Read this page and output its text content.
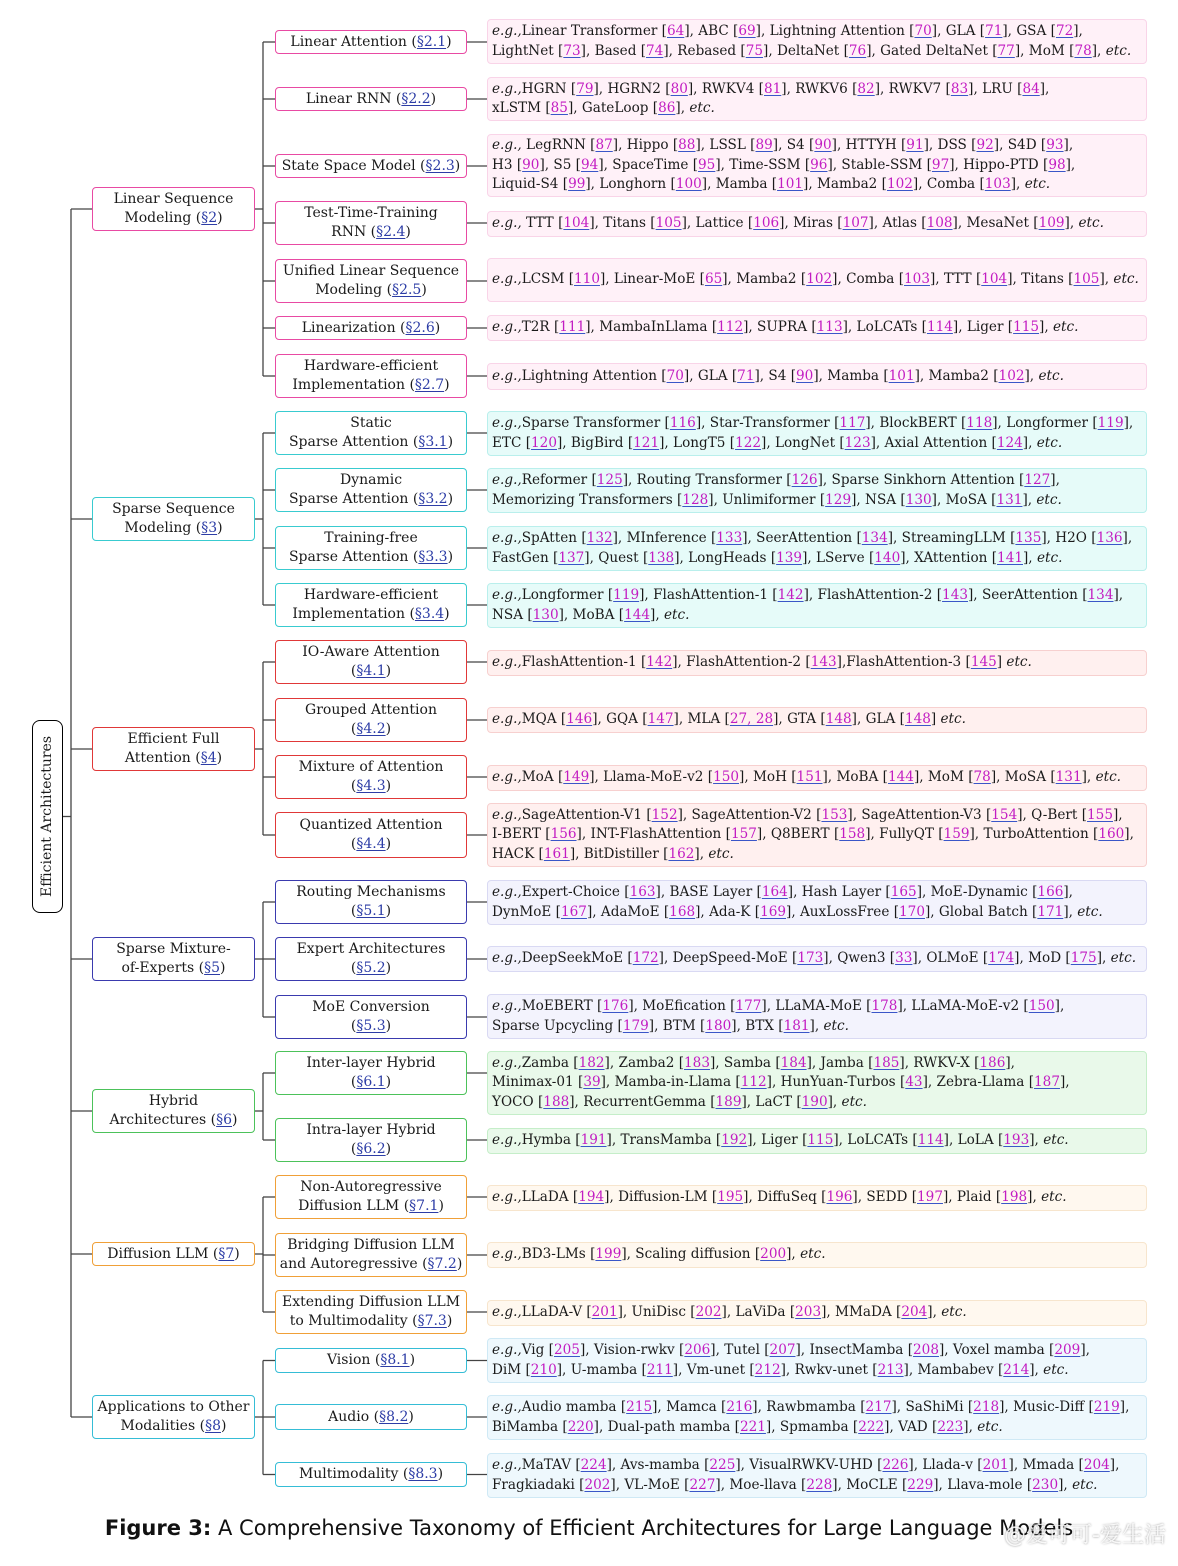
Efficient Architectures
Linear Sequence
Modeling (§2)
Linear Attention (§2.1)
e.g.,Linear Transformer [64], ABC [69], Lightning Attention [70], GLA [71], GSA [72],
LightNet [73], Based [74], Rebased [75], DeltaNet [76], Gated DeltaNet [77], MoM [78], etc.
Linear RNN (§2.2)
e.g.,HGRN [79], HGRN2 [80], RWKV4 [81], RWKV6 [82], RWKV7 [83], LRU [84],
xLSTM [85], GateLoop [86], etc.
State Space Model (§2.3)
e.g., LegRNN [87], Hippo [88], LSSL [89], S4 [90], HTTYH [91], DSS [92], S4D [93],
H3 [90], S5 [94], SpaceTime [95], Time-SSM [96], Stable-SSM [97], Hippo-PTD [98],
Liquid-S4 [99], Longhorn [100], Mamba [101], Mamba2 [102], Comba [103], etc.
Test-Time-Training
RNN (§2.4)
e.g., TTT [104], Titans [105], Lattice [106], Miras [107], Atlas [108], MesaNet [109], etc.
Unified Linear Sequence
Modeling (§2.5)
e.g.,LCSM [110], Linear-MoE [65], Mamba2 [102], Comba [103], TTT [104], Titans [105], etc.
Linearization (§2.6)	e.g.,T2R [111], MambaInLlama [112], SUPRA [113], LoLCATs [114], Liger [115], etc.
Hardware-efficient
Implementation (§2.7)
e.g.,Lightning Attention [70], GLA [71], S4 [90], Mamba [101], Mamba2 [102], etc.
Sparse Sequence
Modeling (§3)
Static
Sparse Attention (§3.1)
e.g.,Sparse Transformer [116], Star-Transformer [117], BlockBERT [118], Longformer [119],
ETC [120], BigBird [121], LongT5 [122], LongNet [123], Axial Attention [124], etc.
Dynamic
Sparse Attention (§3.2)
e.g.,Reformer [125], Routing Transformer [126], Sparse Sinkhorn Attention [127],
Memorizing Transformers [128], Unlimiformer [129], NSA [130], MoSA [131], etc.
Training-free
Sparse Attention (§3.3)
e.g.,SpAtten [132], MInference [133], SeerAttention [134], StreamingLLM [135], H2O [136],
FastGen [137], Quest [138], LongHeads [139], LServe [140], XAttention [141], etc.
Hardware-efficient
Implementation (§3.4)
e.g.,Longformer [119], FlashAttention-1 [142], FlashAttention-2 [143], SeerAttention [134],
NSA [130], MoBA [144], etc.
Efficient Full
Attention (§4)
IO-Aware Attention
(§4.1)
e.g.,FlashAttention-1 [142], FlashAttention-2 [143],FlashAttention-3 [145] etc.
Grouped Attention
(§4.2)
e.g.,MQA [146], GQA [147], MLA [27, 28], GTA [148], GLA [148] etc.
Mixture of Attention
(§4.3)
e.g.,MoA [149], Llama-MoE-v2 [150], MoH [151], MoBA [144], MoM [78], MoSA [131], etc.
Quantized Attention
(§4.4)
e.g.,SageAttention-V1 [152], SageAttention-V2 [153], SageAttention-V3 [154], Q-Bert [155],
I-BERT [156], INT-FlashAttention [157], Q8BERT [158], FullyQT [159], TurboAttention [160],
HACK [161], BitDistiller [162], etc.
Sparse Mixture-
of-Experts (§5)
Routing Mechanisms
(§5.1)
e.g.,Expert-Choice [163], BASE Layer [164], Hash Layer [165], MoE-Dynamic [166],
DynMoE [167], AdaMoE [168], Ada-K [169], AuxLossFree [170], Global Batch [171], etc.
Expert Architectures
(§5.2)
e.g.,DeepSeekMoE [172], DeepSpeed-MoE [173], Qwen3 [33], OLMoE [174], MoD [175], etc.
MoE Conversion
(§5.3)
e.g.,MoEBERT [176], MoEfication [177], LLaMA-MoE [178], LLaMA-MoE-v2 [150],
Sparse Upcycling [179], BTM [180], BTX [181], etc.
Hybrid
Architectures (§6)
Inter-layer Hybrid
(§6.1)
e.g.,Zamba [182], Zamba2 [183], Samba [184], Jamba [185], RWKV-X [186],
Minimax-01 [39], Mamba-in-Llama [112], HunYuan-Turbos [43], Zebra-Llama [187],
YOCO [188], RecurrentGemma [189], LaCT [190], etc.
Intra-layer Hybrid
(§6.2)
e.g.,Hymba [191], TransMamba [192], Liger [115], LoLCATs [114], LoLA [193], etc.
Diffusion LLM (§7)
Non-Autoregressive
Diffusion LLM (§7.1)
e.g.,LLaDA [194], Diffusion-LM [195], DiffuSeq [196], SEDD [197], Plaid [198], etc.
Bridging Diffusion LLM
and Autoregressive (§7.2)
e.g.,BD3-LMs [199], Scaling diffusion [200], etc.
Extending Diffusion LLM
to Multimodality (§7.3)
e.g.,LLaDA-V [201], UniDisc [202], LaViDa [203], MMaDA [204], etc.
Applications to Other
Modalities (§8)
Vision (§8.1)
e.g.,Vig [205], Vision-rwkv [206], Tutel [207], InsectMamba [208], Voxel mamba [209],
DiM [210], U-mamba [211], Vm-unet [212], Rwkv-unet [213], Mambabev [214], etc.
Audio (§8.2)
e.g.,Audio mamba [215], Mamca [216], Rawbmamba [217], SaShiMi [218], Music-Diff [219],
BiMamba [220], Dual-path mamba [221], Spmamba [222], VAD [223], etc.
Multimodality (§8.3)
e.g.,MaTAV [224], Avs-mamba [225], VisualRWKV-UHD [226], Llada-v [201], Mmada [204],
Fragkiadaki [202], VL-MoE [227], Moe-llava [228], MoCLE [229], Llava-mole [230], etc.
Figure 3: A Comprehensive Taxonomy of Efficient Architectures for Large Language Models
@爱可可-爱生活
